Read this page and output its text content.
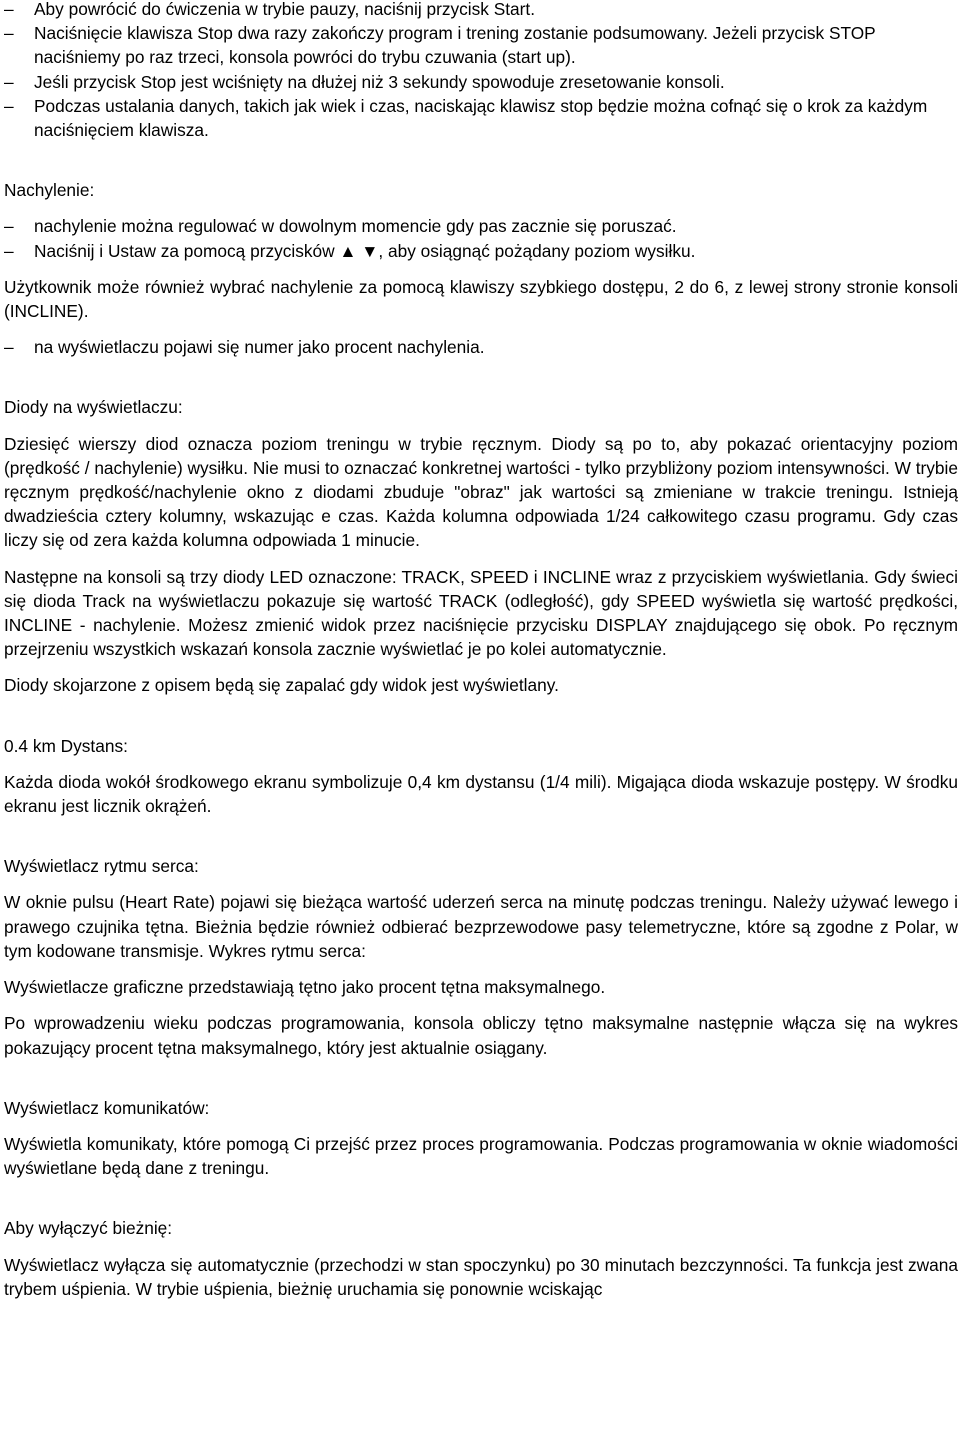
–	Aby powrócić do ćwiczenia w trybie pauzy, naciśnij przycisk Start.
–	Naciśnięcie klawisza Stop dwa razy zakończy program i trening zostanie podsumowany. Jeżeli przycisk STOP naciśniemy po raz trzeci, konsola powróci do trybu czuwania (start up).
–	Jeśli przycisk Stop jest wciśnięty na dłużej niż 3 sekundy spowoduje zresetowanie konsoli.
–	Podczas ustalania danych, takich jak wiek i czas, naciskając klawisz stop będzie można cofnąć się o krok za każdym naciśnięciem klawisza.

Nachylenie:

–	nachylenie można regulować w dowolnym momencie gdy pas zacznie się poruszać.
–	Naciśnij i Ustaw za pomocą przycisków ▲ ▼, aby osiągnąć pożądany poziom wysiłku.

Użytkownik może również wybrać nachylenie za pomocą klawiszy szybkiego dostępu, 2 do 6, z lewej strony stronie konsoli (INCLINE).

–	na wyświetlaczu pojawi się numer jako procent nachylenia.

Diody na wyświetlaczu:

Dziesięć wierszy diod oznacza poziom treningu w trybie ręcznym. Diody są po to, aby pokazać orientacyjny poziom (prędkość / nachylenie) wysiłku. Nie musi to oznaczać konkretnej wartości - tylko przybliżony poziom intensywności. W trybie ręcznym prędkość/nachylenie okno z diodami zbuduje "obraz" jak wartości są zmieniane w trakcie treningu. Istnieją dwadzieścia cztery kolumny, wskazując e czas. Każda kolumna odpowiada 1/24 całkowitego czasu programu. Gdy czas liczy się od zera każda kolumna odpowiada 1 minucie.

Następne na konsoli są trzy diody LED oznaczone: TRACK, SPEED i INCLINE wraz z przyciskiem wyświetlania. Gdy świeci się dioda Track na wyświetlaczu pokazuje się wartość TRACK (odległość), gdy SPEED wyświetla się wartość prędkości, INCLINE - nachylenie. Możesz zmienić widok przez naciśnięcie przycisku DISPLAY znajdującego się obok. Po ręcznym przejrzeniu wszystkich wskazań konsola zacznie wyświetlać je po kolei automatycznie.

Diody skojarzone z opisem będą się zapalać gdy widok jest wyświetlany.

0.4 km Dystans:

Każda dioda wokół środkowego ekranu symbolizuje 0,4 km dystansu (1/4 mili). Migająca dioda wskazuje postępy. W środku ekranu jest licznik okrążeń.

Wyświetlacz rytmu serca:

W oknie pulsu (Heart Rate) pojawi się bieżąca wartość uderzeń serca na minutę podczas treningu. Należy używać lewego i prawego czujnika tętna. Bieżnia będzie również odbierać bezprzewodowe pasy telemetryczne, które są zgodne z Polar, w tym kodowane transmisje. Wykres rytmu serca:

Wyświetlacze graficzne przedstawiają tętno jako procent tętna maksymalnego.

Po wprowadzeniu wieku podczas programowania, konsola obliczy tętno maksymalne następnie włącza się na wykres pokazujący procent tętna maksymalnego, który jest aktualnie osiągany.

Wyświetlacz komunikatów:

Wyświetla komunikaty, które pomogą Ci przejść przez proces programowania. Podczas programowania w oknie wiadomości wyświetlane będą dane z treningu.

Aby wyłączyć bieżnię:

Wyświetlacz wyłącza się automatycznie (przechodzi w stan spoczynku) po 30 minutach bezczynności. Ta funkcja jest zwana trybem uśpienia. W trybie uśpienia, bieżnię uruchamia się ponownie wciskając
